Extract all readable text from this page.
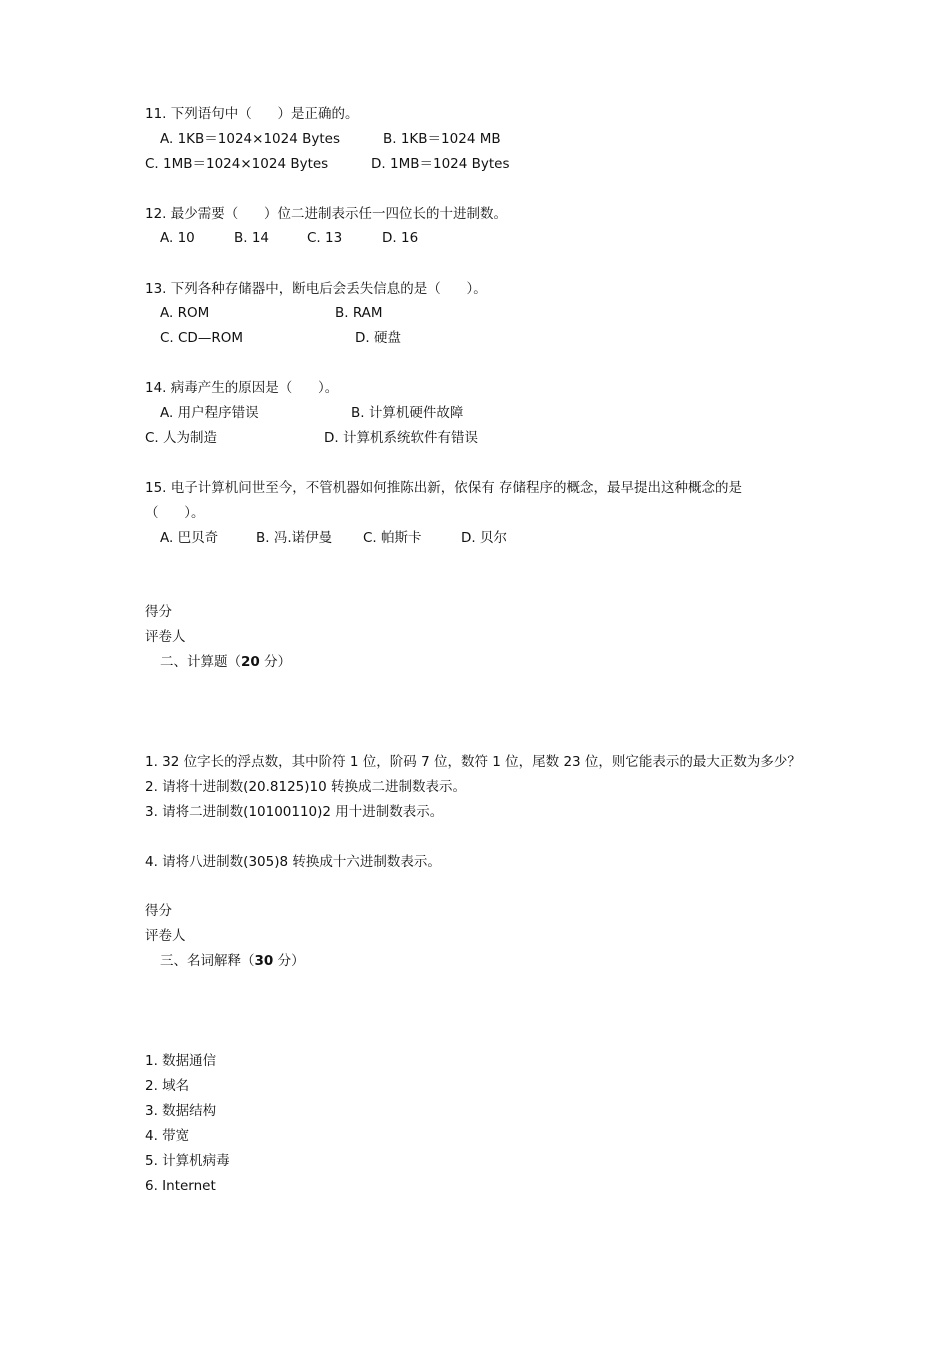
11. 下列语句中（      ）是正确的。
A. 1KB＝1024×1024 Bytes	B. 1KB＝1024 MB
C. 1MB＝1024×1024 Bytes	D. 1MB＝1024 Bytes
12. 最少需要（      ）位二进制表示任一四位长的十进制数。
A. 10	B. 14	C. 13	D. 16
13. 下列各种存储器中，断电后会丢失信息的是（      ）。
A. ROM	B. RAM
C. CD—ROM	D. 硬盘
14. 病毒产生的原因是（      ）。
A. 用户程序错误	B. 计算机硬件故障
C. 人为制造	D. 计算机系统软件有错误
15. 电子计算机问世至今，不管机器如何推陈出新，依保有 存储程序的概念，最早提出这种概念的是
（      ）。
A. 巴贝奇	B. 冯.诺伊曼 C. 帕斯卡	D. 贝尔
得分
评卷人
二、计算题（20 分）
1. 32 位字长的浮点数，其中阶符 1 位，阶码 7 位，数符 1 位，尾数 23 位，则它能表示的最大正数为多少？
2. 请将十进制数(20.8125)10 转换成二进制数表示。
3. 请将二进制数(10100110)2 用十进制数表示。
4. 请将八进制数(305)8 转换成十六进制数表示。
得分
评卷人
三、名词解释（30 分）
1. 数据通信
2. 域名
3. 数据结构
4. 带宽
5. 计算机病毒
6. Internet
